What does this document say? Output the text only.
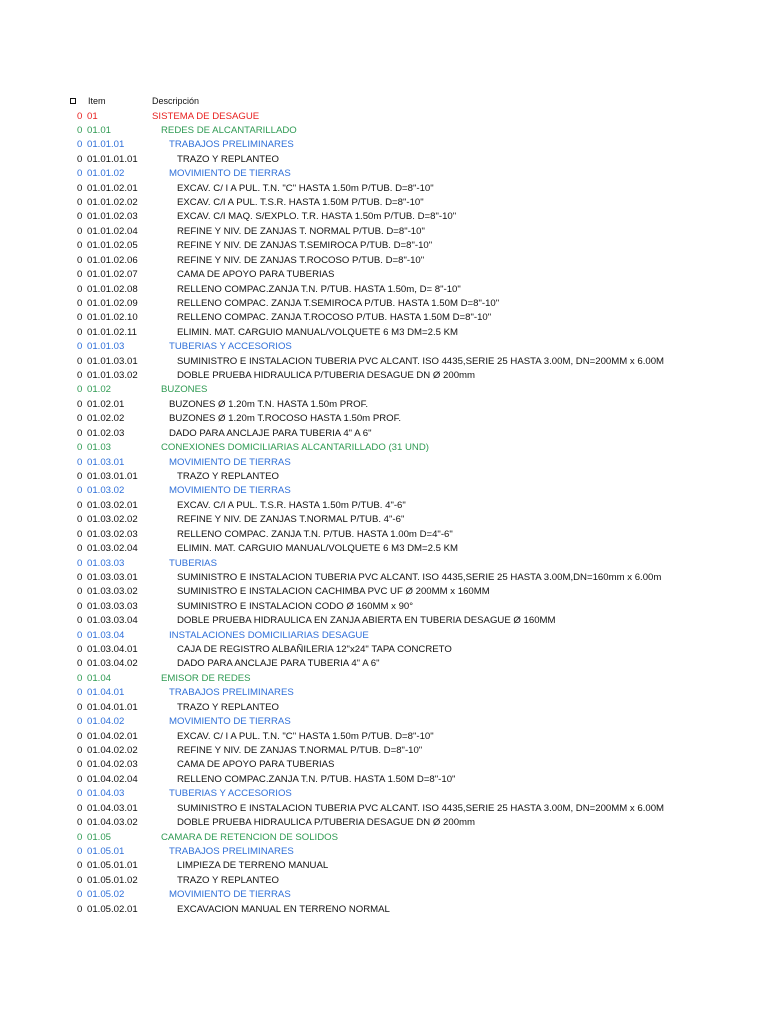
Item	Descripción
0 01	SISTEMA DE DESAGUE
0 01.01	REDES DE ALCANTARILLADO
0 01.01.01	TRABAJOS PRELIMINARES
0 01.01.01.01	TRAZO Y REPLANTEO
0 01.01.02	MOVIMIENTO DE TIERRAS
0 01.01.02.01	EXCAV. C/ I A PUL. T.N. "C" HASTA 1.50m P/TUB. D=8"-10"
0 01.01.02.02	EXCAV. C/I A PUL. T.S.R. HASTA 1.50M P/TUB. D=8"-10"
0 01.01.02.03	EXCAV. C/I MAQ. S/EXPLO. T.R. HASTA 1.50m P/TUB. D=8"-10"
0 01.01.02.04	REFINE Y NIV. DE ZANJAS T. NORMAL P/TUB. D=8"-10"
0 01.01.02.05	REFINE Y NIV. DE ZANJAS T.SEMIROCA P/TUB. D=8"-10"
0 01.01.02.06	REFINE Y NIV. DE ZANJAS T.ROCOSO P/TUB. D=8"-10"
0 01.01.02.07	CAMA DE APOYO PARA TUBERIAS
0 01.01.02.08	RELLENO COMPAC.ZANJA T.N. P/TUB. HASTA 1.50m, D= 8"-10"
0 01.01.02.09	RELLENO COMPAC. ZANJA T.SEMIROCA P/TUB. HASTA 1.50M D=8"-10"
0 01.01.02.10	RELLENO COMPAC. ZANJA T.ROCOSO P/TUB. HASTA 1.50M D=8"-10"
0 01.01.02.11	ELIMIN. MAT. CARGUIO MANUAL/VOLQUETE 6 M3 DM=2.5 KM
0 01.01.03	TUBERIAS Y ACCESORIOS
0 01.01.03.01	SUMINISTRO E INSTALACION TUBERIA PVC ALCANT. ISO 4435,SERIE 25 HASTA 3.00M, DN=200MM x 6.00M
0 01.01.03.02	DOBLE PRUEBA HIDRAULICA P/TUBERIA DESAGUE DN Ø 200mm
0 01.02	BUZONES
0 01.02.01	BUZONES Ø 1.20m T.N. HASTA 1.50m PROF.
0 01.02.02	BUZONES Ø 1.20m T.ROCOSO HASTA 1.50m PROF.
0 01.02.03	DADO PARA ANCLAJE PARA TUBERIA 4" A 6"
0 01.03	CONEXIONES DOMICILIARIAS ALCANTARILLADO (31 UND)
0 01.03.01	MOVIMIENTO DE TIERRAS
0 01.03.01.01	TRAZO Y REPLANTEO
0 01.03.02	MOVIMIENTO DE TIERRAS
0 01.03.02.01	EXCAV. C/I A PUL. T.S.R. HASTA 1.50m P/TUB. 4"-6"
0 01.03.02.02	REFINE Y NIV. DE ZANJAS T.NORMAL P/TUB. 4"-6"
0 01.03.02.03	RELLENO COMPAC. ZANJA T.N. P/TUB. HASTA 1.00m D=4"-6"
0 01.03.02.04	ELIMIN. MAT. CARGUIO MANUAL/VOLQUETE 6 M3 DM=2.5 KM
0 01.03.03	TUBERIAS
0 01.03.03.01	SUMINISTRO E INSTALACION TUBERIA PVC ALCANT. ISO 4435,SERIE 25 HASTA 3.00M,DN=160mm x 6.00m
0 01.03.03.02	SUMINISTRO E INSTALACION CACHIMBA PVC UF Ø 200MM x 160MM
0 01.03.03.03	SUMINISTRO E INSTALACION CODO Ø 160MM x 90°
0 01.03.03.04	DOBLE PRUEBA HIDRAULICA EN ZANJA ABIERTA EN TUBERIA DESAGUE Ø 160MM
0 01.03.04	INSTALACIONES DOMICILIARIAS DESAGUE
0 01.03.04.01	CAJA DE REGISTRO ALBAÑILERIA 12"x24" TAPA CONCRETO
0 01.03.04.02	DADO PARA ANCLAJE PARA TUBERIA 4" A 6"
0 01.04	EMISOR DE REDES
0 01.04.01	TRABAJOS PRELIMINARES
0 01.04.01.01	TRAZO Y REPLANTEO
0 01.04.02	MOVIMIENTO DE TIERRAS
0 01.04.02.01	EXCAV. C/ I A PUL. T.N. "C" HASTA 1.50m P/TUB. D=8"-10"
0 01.04.02.02	REFINE Y NIV. DE ZANJAS T.NORMAL P/TUB. D=8"-10"
0 01.04.02.03	CAMA DE APOYO PARA TUBERIAS
0 01.04.02.04	RELLENO COMPAC.ZANJA T.N. P/TUB. HASTA 1.50M D=8"-10"
0 01.04.03	TUBERIAS Y ACCESORIOS
0 01.04.03.01	SUMINISTRO E INSTALACION TUBERIA PVC ALCANT. ISO 4435,SERIE 25 HASTA 3.00M, DN=200MM x 6.00M
0 01.04.03.02	DOBLE PRUEBA HIDRAULICA P/TUBERIA DESAGUE DN Ø 200mm
0 01.05	CAMARA DE RETENCION DE SOLIDOS
0 01.05.01	TRABAJOS PRELIMINARES
0 01.05.01.01	LIMPIEZA DE TERRENO MANUAL
0 01.05.01.02	TRAZO Y REPLANTEO
0 01.05.02	MOVIMIENTO DE TIERRAS
0 01.05.02.01	EXCAVACION MANUAL EN TERRENO NORMAL
